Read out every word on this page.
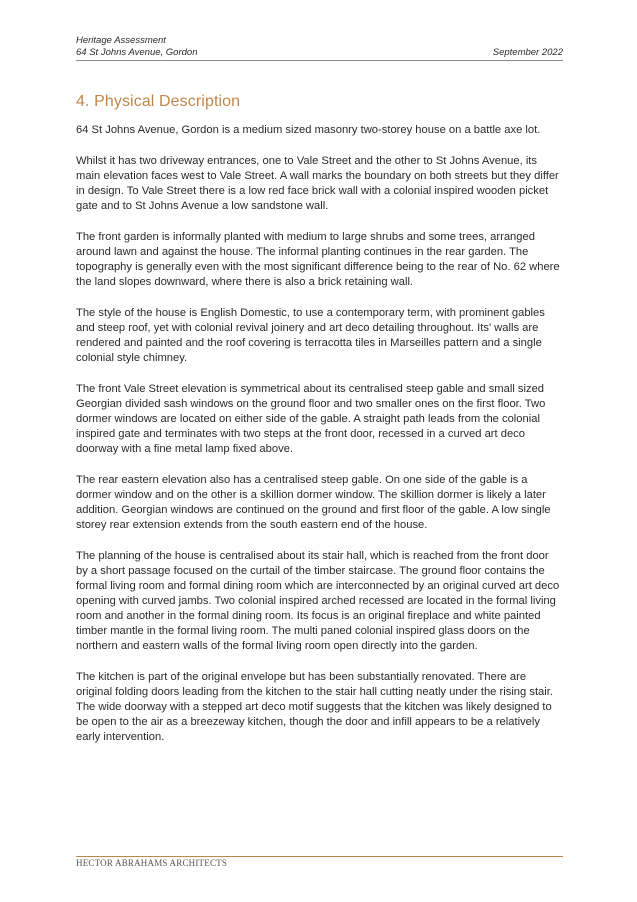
Heritage Assessment
64 St Johns Avenue, Gordon	September 2022
4. Physical Description

64 St Johns Avenue, Gordon is a medium sized masonry two-storey house on a battle axe lot.

Whilst it has two driveway entrances, one to Vale Street and the other to St Johns Avenue, its main elevation faces west to Vale Street. A wall marks the boundary on both streets but they differ in design. To Vale Street there is a low red face brick wall with a colonial inspired wooden picket gate and to St Johns Avenue a low sandstone wall.

The front garden is informally planted with medium to large shrubs and some trees, arranged around lawn and against the house. The informal planting continues in the rear garden. The topography is generally even with the most significant difference being to the rear of No. 62 where the land slopes downward, where there is also a brick retaining wall.

The style of the house is English Domestic, to use a contemporary term, with prominent gables and steep roof, yet with colonial revival joinery and art deco detailing throughout. Its' walls are rendered and painted and the roof covering is terracotta tiles in Marseilles pattern and a single colonial style chimney.

The front Vale Street elevation is symmetrical about its centralised steep gable and small sized Georgian divided sash windows on the ground floor and two smaller ones on the first floor. Two dormer windows are located on either side of the gable. A straight path leads from the colonial inspired gate and terminates with two steps at the front door, recessed in a curved art deco doorway with a fine metal lamp fixed above.

The rear eastern elevation also has a centralised steep gable. On one side of the gable is a dormer window and on the other is a skillion dormer window. The skillion dormer is likely a later addition. Georgian windows are continued on the ground and first floor of the gable. A low single storey rear extension extends from the south eastern end of the house.

The planning of the house is centralised about its stair hall, which is reached from the front door by a short passage focused on the curtail of the timber staircase. The ground floor contains the formal living room and formal dining room which are interconnected by an original curved art deco opening with curved jambs. Two colonial inspired arched recessed are located in the formal living room and another in the formal dining room. Its focus is an original fireplace and white painted timber mantle in the formal living room. The multi paned colonial inspired glass doors on the northern and eastern walls of the formal living room open directly into the garden.

The kitchen is part of the original envelope but has been substantially renovated. There are original folding doors leading from the kitchen to the stair hall cutting neatly under the rising stair. The wide doorway with a stepped art deco motif suggests that the kitchen was likely designed to be open to the air as a breezeway kitchen, though the door and infill appears to be a relatively early intervention.

HECTOR ABRAHAMS ARCHITECTS
